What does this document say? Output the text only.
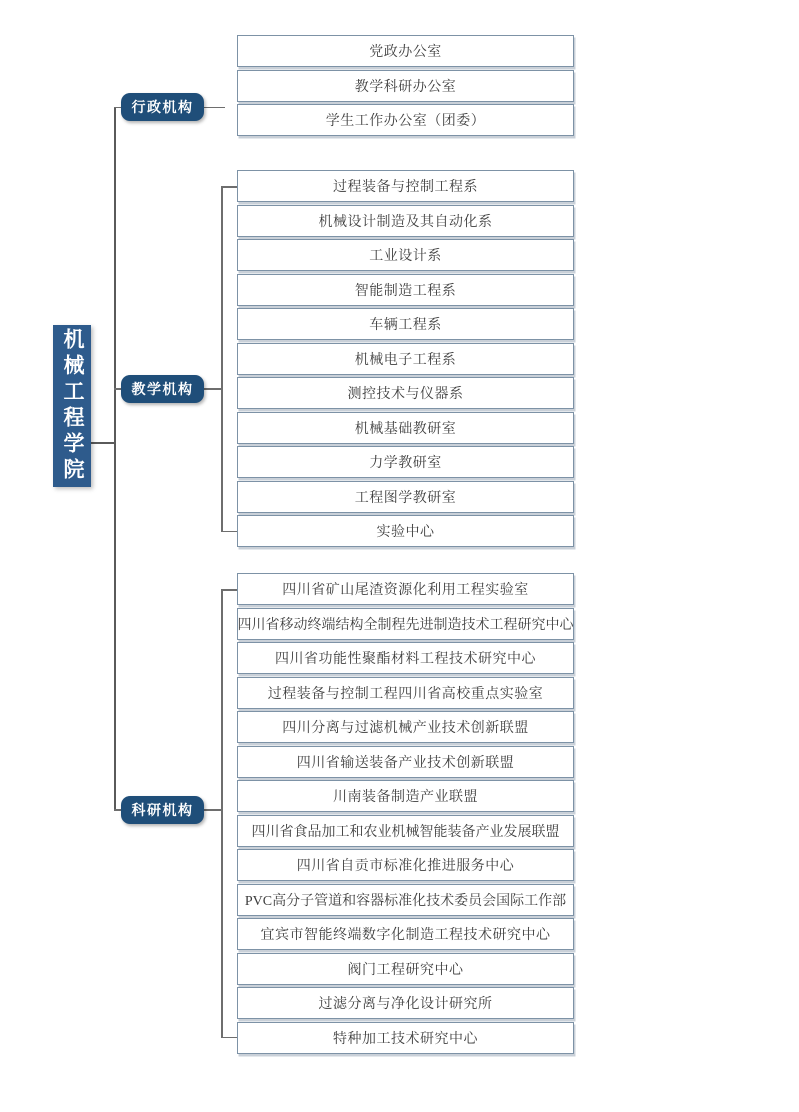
机械工程学院
行政机构
教学机构
科研机构
党政办公室
教学科研办公室
学生工作办公室（团委）
过程装备与控制工程系
机械设计制造及其自动化系
工业设计系
智能制造工程系
车辆工程系
机械电子工程系
测控技术与仪器系
机械基础教研室
力学教研室
工程图学教研室
实验中心
四川省矿山尾渣资源化利用工程实验室
四川省移动终端结构全制程先进制造技术工程研究中心
四川省功能性聚酯材料工程技术研究中心
过程装备与控制工程四川省高校重点实验室
四川分离与过滤机械产业技术创新联盟
四川省输送装备产业技术创新联盟
川南装备制造产业联盟
四川省食品加工和农业机械智能装备产业发展联盟
四川省自贡市标准化推进服务中心
PVC高分子管道和容器标准化技术委员会国际工作部
宜宾市智能终端数字化制造工程技术研究中心
阀门工程研究中心
过滤分离与净化设计研究所
特种加工技术研究中心
